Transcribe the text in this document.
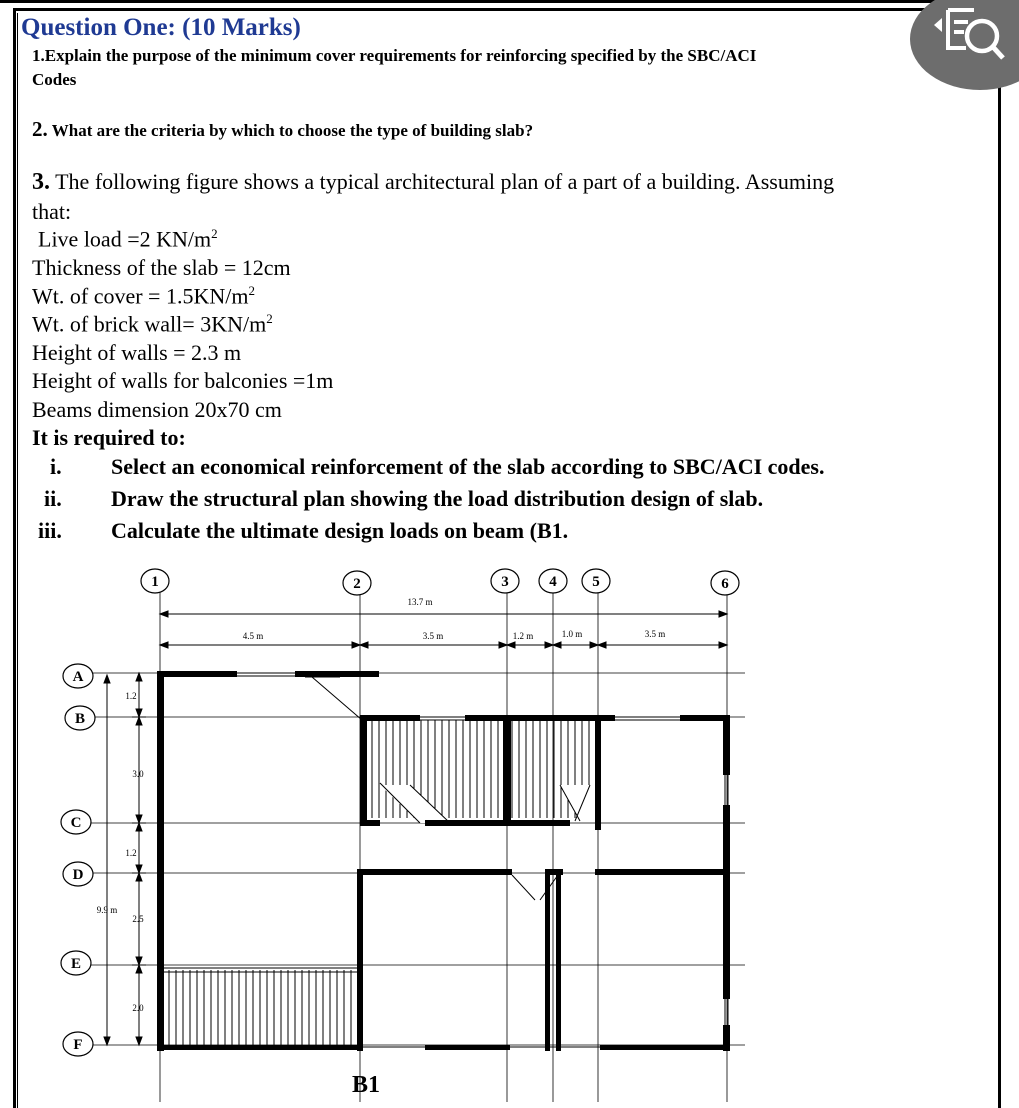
Question One: (10 Marks)
1.Explain the purpose of the minimum cover requirements for reinforcing specified by the SBC/ACI
Codes
2. What are the criteria by which to choose the type of building slab?
3. The following figure shows a typical architectural plan of a part of a building. Assuming
that:
Live load =2 $KN/m^2$
Thickness of the slab = 12cm
Wt. of cover = $1.5KN/m^2$
Wt. of brick wall= $3KN/m^2$
Height of walls = 2.3 m
Height of walls for balconies =1m
Beams dimension 20x70 cm
It is required to:
i. Select an economical reinforcement of the slab according to SBC/ACI codes.
ii. Draw the structural plan showing the load distribution design of slab.
iii. Calculate the ultimate design loads on beam (B1.
1	2	3	4 5	6
A
B
C
D
E
F
13.7 m
4.5 m	3.5 m	1.2 m	1.0 m	3.5 m
9.9 m
1.2
3.0
1.2
2.5
2.0
B1
